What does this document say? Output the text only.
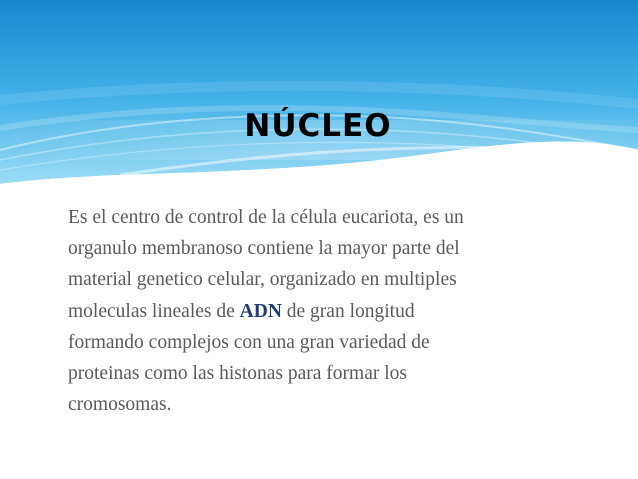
NÚCLEO
Es el centro de control de la célula eucariota, es un
organulo membranoso contiene la mayor parte del
material genetico celular, organizado en multiples
moleculas lineales de ADN de gran longitud
formando complejos con una gran variedad de
proteinas como las histonas para formar los
cromosomas.
